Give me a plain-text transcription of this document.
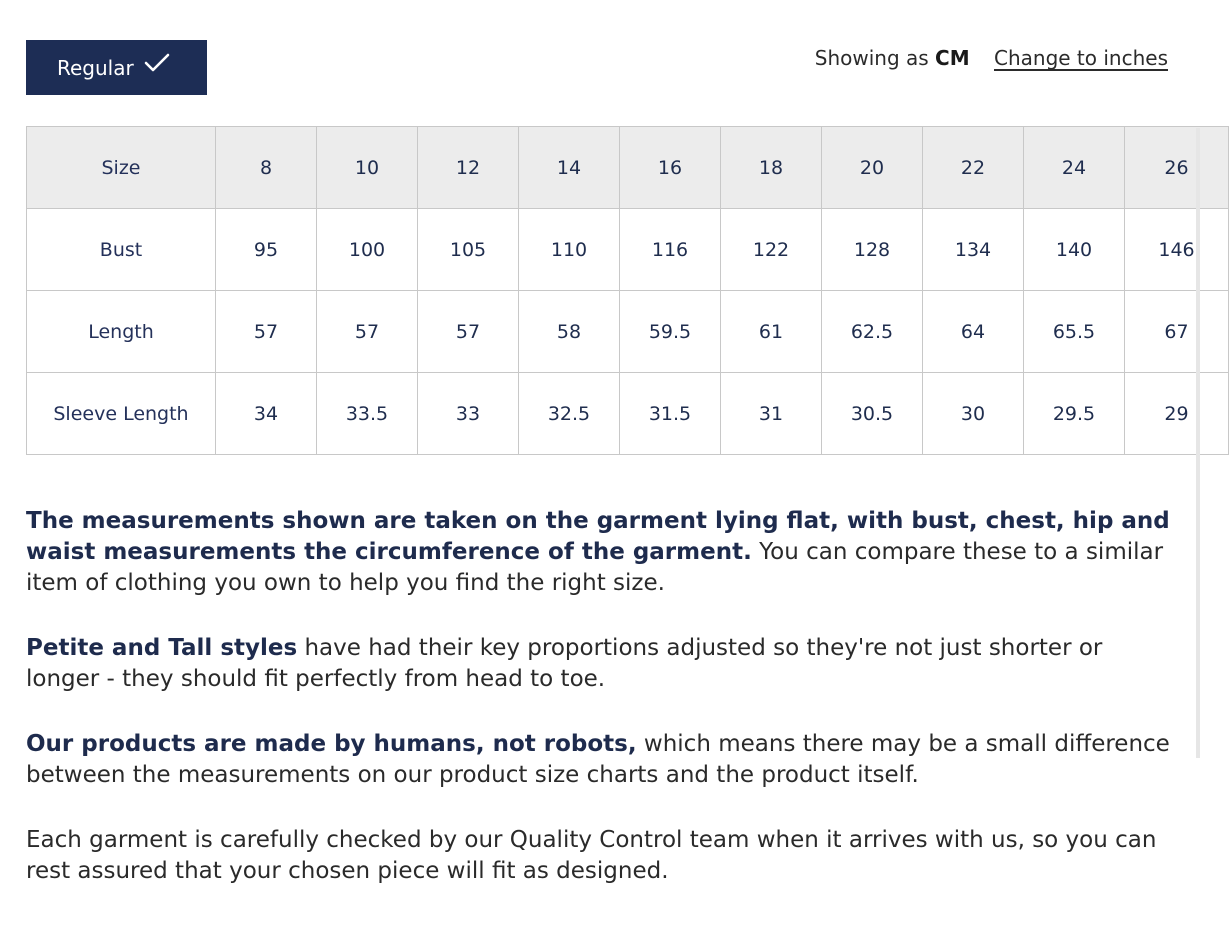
Regular	Showing as CM Change to inches
Size	8	10	12	14	16	18	20	22	24	26
Bust	95	100	105	110	116	122	128	134	140	146
Length	57	57	57	58	59.5	61	62.5	64	65.5	67
Sleeve Length	34	33.5	33	32.5	31.5	31	30.5	30	29.5	29

The measurements shown are taken on the garment lying flat, with bust, chest, hip and waist measurements the circumference of the garment. You can compare these to a similar item of clothing you own to help you find the right size.

Petite and Tall styles have had their key proportions adjusted so they're not just shorter or longer - they should fit perfectly from head to toe.

Our products are made by humans, not robots, which means there may be a small difference between the measurements on our product size charts and the product itself.

Each garment is carefully checked by our Quality Control team when it arrives with us, so you can rest assured that your chosen piece will fit as designed.
